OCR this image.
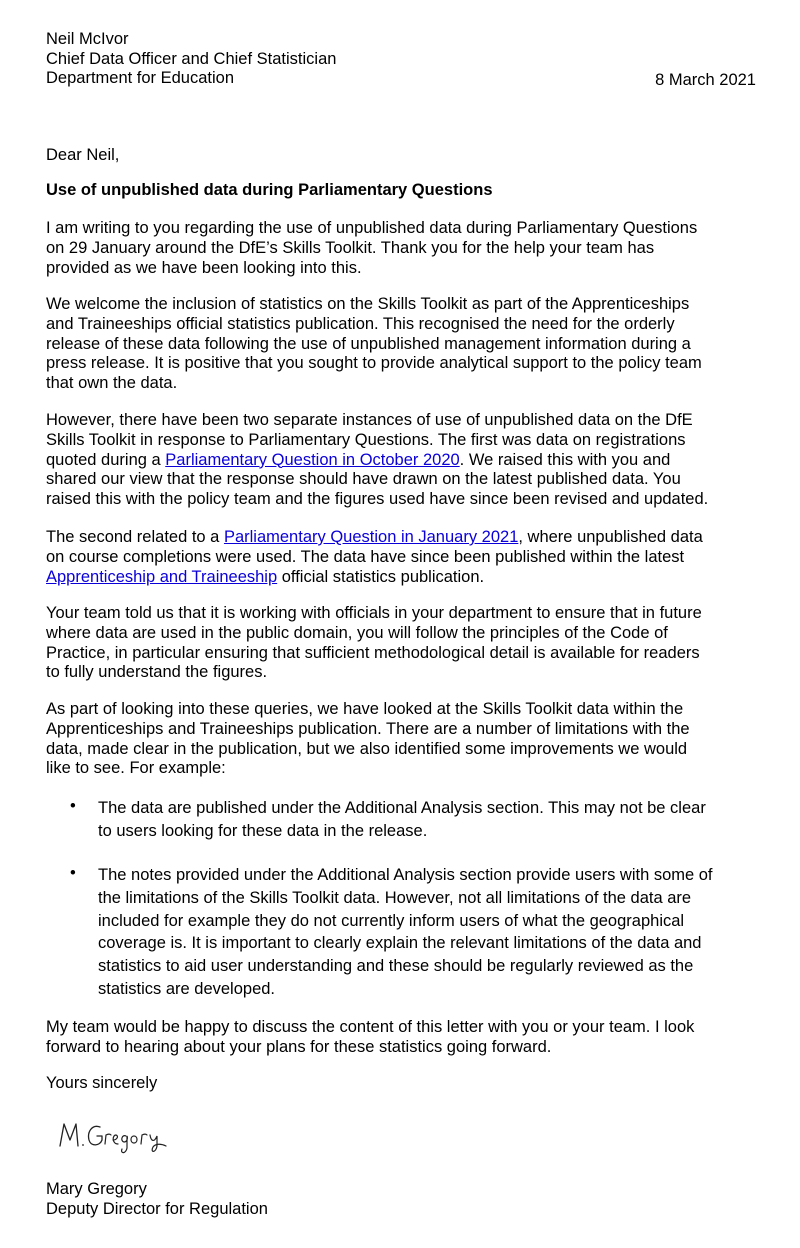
Neil McIvor
Chief Data Officer and Chief Statistician
Department for Education	8 March 2021
Dear Neil,
Use of unpublished data during Parliamentary Questions
I am writing to you regarding the use of unpublished data during Parliamentary Questions
on 29 January around the DfE’s Skills Toolkit. Thank you for the help your team has
provided as we have been looking into this.
We welcome the inclusion of statistics on the Skills Toolkit as part of the Apprenticeships
and Traineeships official statistics publication. This recognised the need for the orderly
release of these data following the use of unpublished management information during a
press release. It is positive that you sought to provide analytical support to the policy team
that own the data.
However, there have been two separate instances of use of unpublished data on the DfE
Skills Toolkit in response to Parliamentary Questions. The first was data on registrations
quoted during a Parliamentary Question in October 2020. We raised this with you and
shared our view that the response should have drawn on the latest published data. You
raised this with the policy team and the figures used have since been revised and updated.
The second related to a Parliamentary Question in January 2021, where unpublished data
on course completions were used. The data have since been published within the latest
Apprenticeship and Traineeship official statistics publication.
Your team told us that it is working with officials in your department to ensure that in future
where data are used in the public domain, you will follow the principles of the Code of
Practice, in particular ensuring that sufficient methodological detail is available for readers
to fully understand the figures.
As part of looking into these queries, we have looked at the Skills Toolkit data within the
Apprenticeships and Traineeships publication. There are a number of limitations with the
data, made clear in the publication, but we also identified some improvements we would
like to see. For example:
• The data are published under the Additional Analysis section. This may not be clear
to users looking for these data in the release.
• The notes provided under the Additional Analysis section provide users with some of
the limitations of the Skills Toolkit data. However, not all limitations of the data are
included for example they do not currently inform users of what the geographical
coverage is. It is important to clearly explain the relevant limitations of the data and
statistics to aid user understanding and these should be regularly reviewed as the
statistics are developed.
My team would be happy to discuss the content of this letter with you or your team. I look
forward to hearing about your plans for these statistics going forward.
Yours sincerely
Mary Gregory
Deputy Director for Regulation
